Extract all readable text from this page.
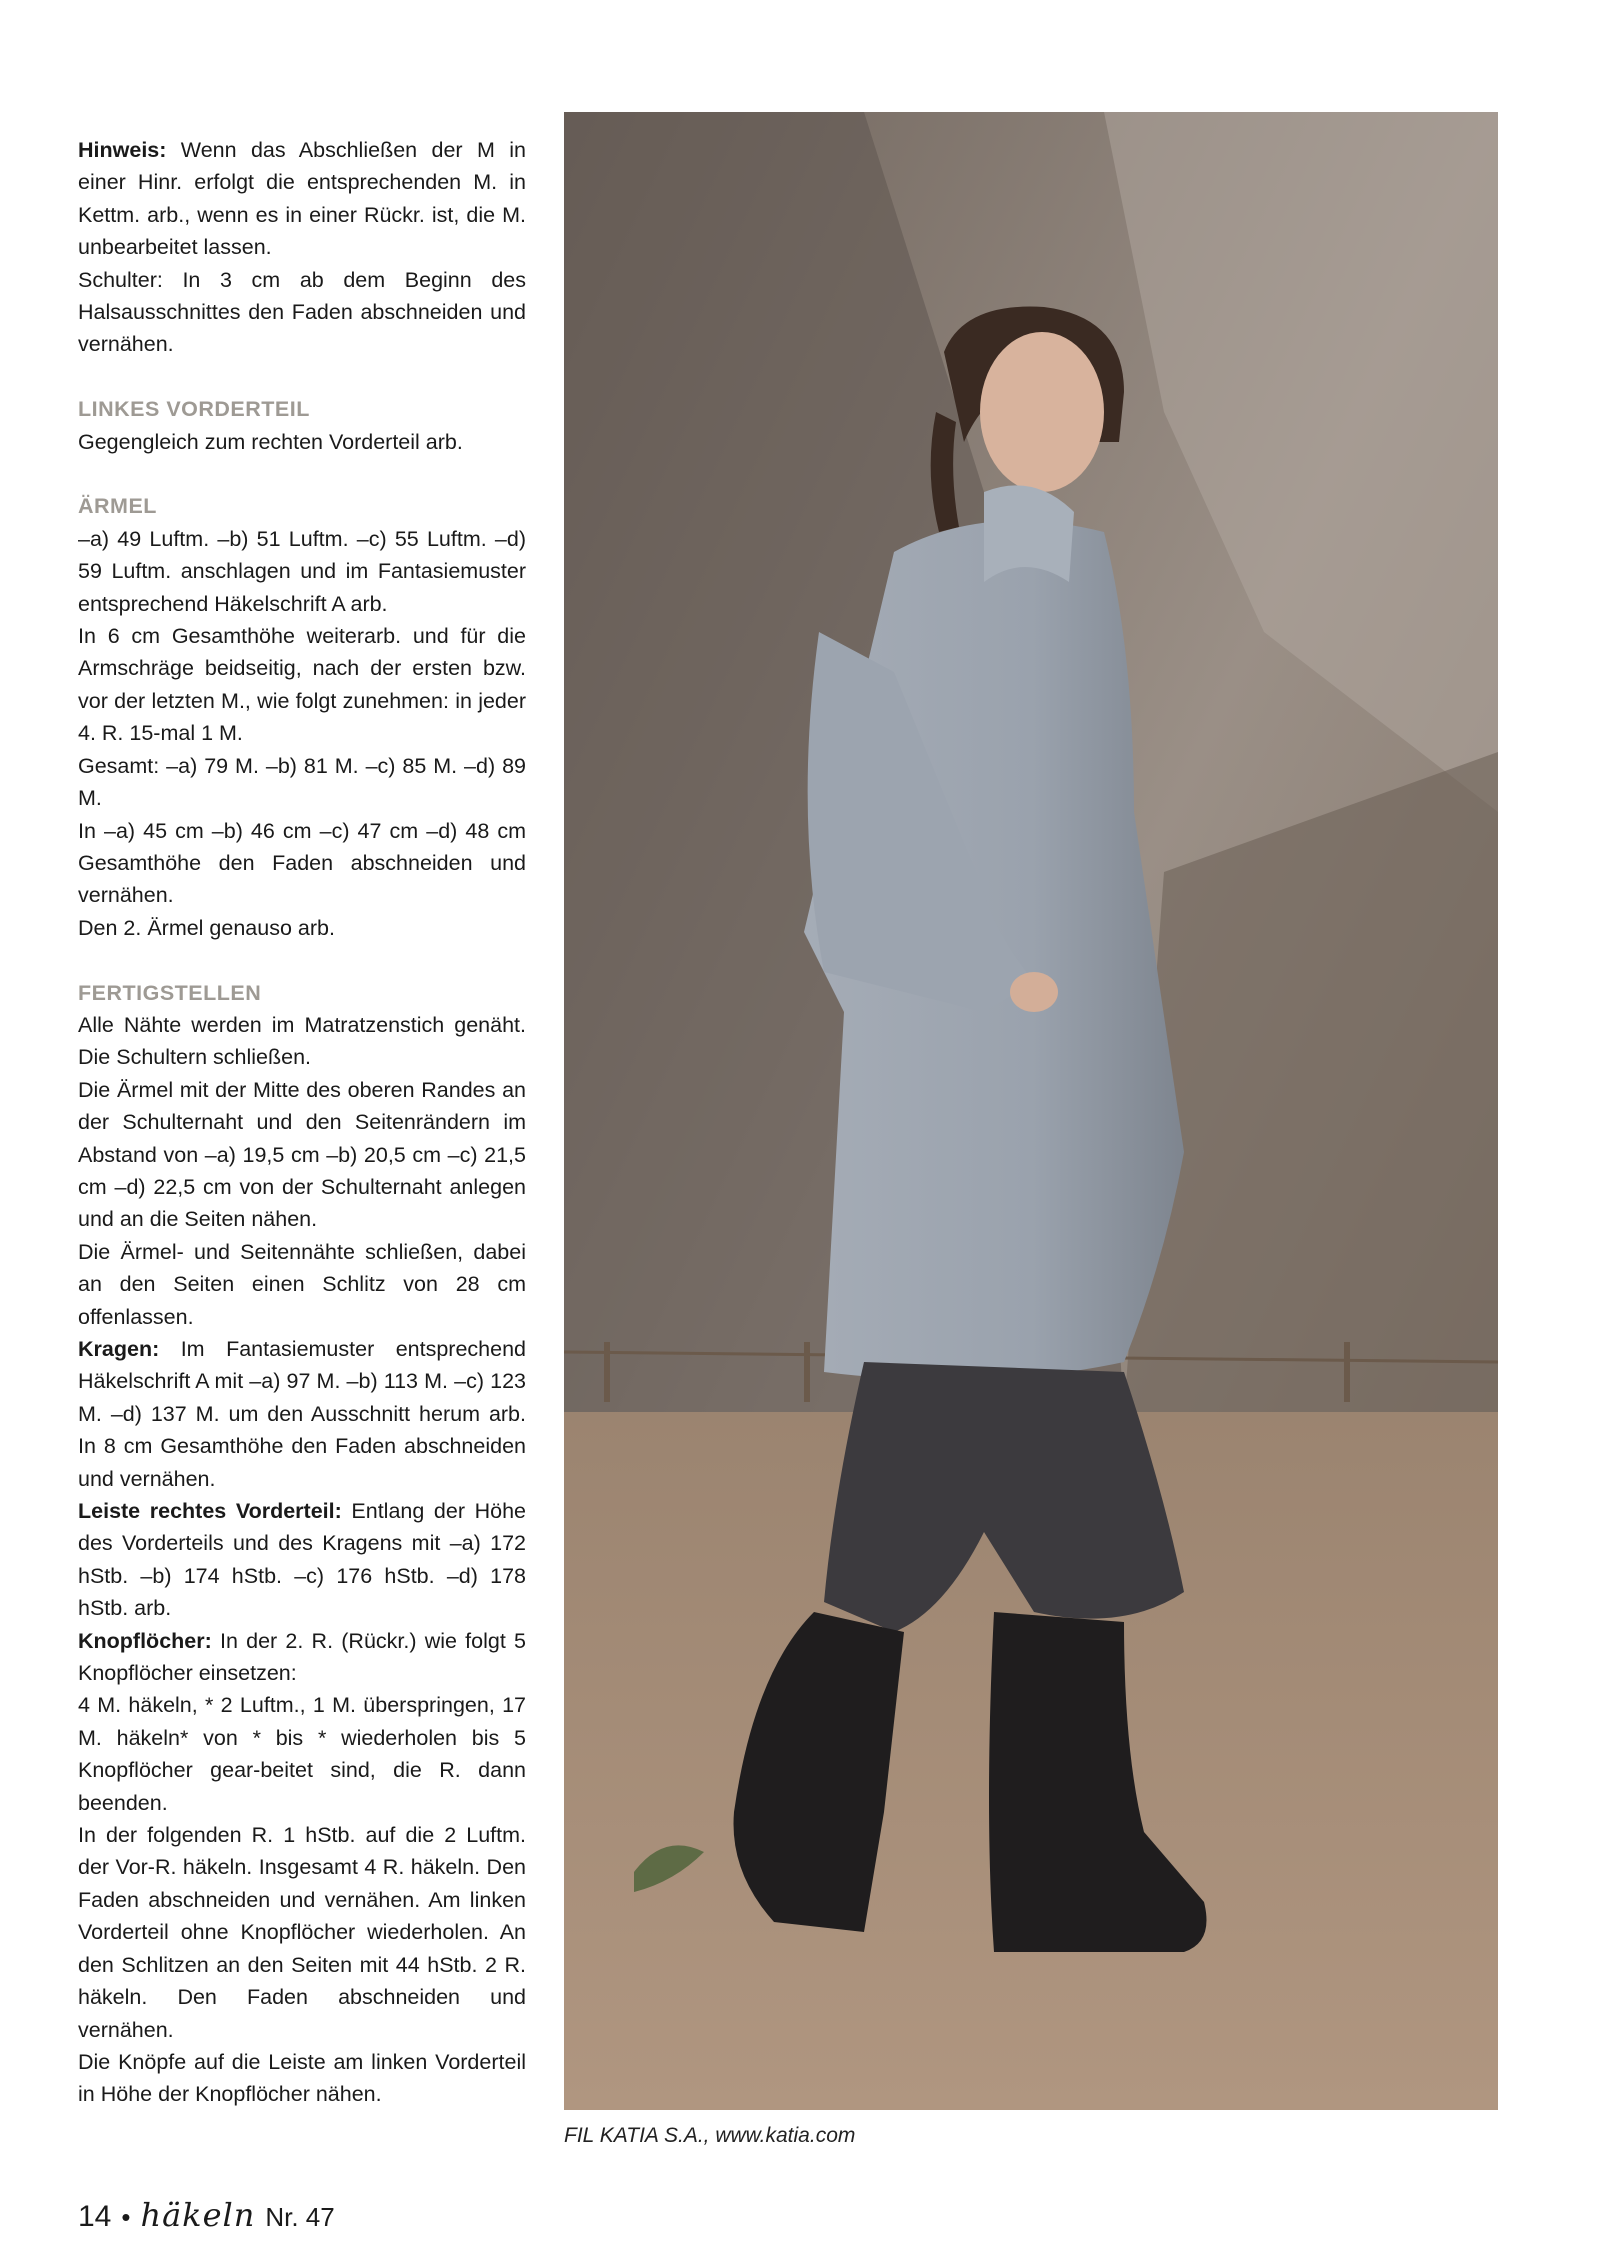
Hinweis: Wenn das Abschließen der M in einer Hinr. erfolgt die entsprechenden M. in Kettm. arb., wenn es in einer Rückr. ist, die M. unbearbeitet lassen.

Schulter: In 3 cm ab dem Beginn des Halsausschnittes den Faden abschneiden und vernähen.

LINKES VORDERTEIL

Gegengleich zum rechten Vorderteil arb.

ÄRMEL

–a) 49 Luftm. –b) 51 Luftm. –c) 55 Luftm. –d) 59 Luftm. anschlagen und im Fantasiemuster entsprechend Häkelschrift A arb.

In 6 cm Gesamthöhe weiterarb. und für die Armschräge beidseitig, nach der ersten bzw. vor der letzten M., wie folgt zunehmen: in jeder 4. R. 15-mal 1 M.

Gesamt: –a) 79 M. –b) 81 M. –c) 85 M. –d) 89 M.

In –a) 45 cm –b) 46 cm –c) 47 cm –d) 48 cm Gesamthöhe den Faden abschneiden und vernähen.

Den 2. Ärmel genauso arb.

FERTIGSTELLEN

Alle Nähte werden im Matratzenstich genäht. Die Schultern schließen.

Die Ärmel mit der Mitte des oberen Randes an der Schulternaht und den Seitenrändern im Abstand von –a) 19,5 cm –b) 20,5 cm –c) 21,5 cm –d) 22,5 cm von der Schulternaht anlegen und an die Seiten nähen.

Die Ärmel- und Seitennähte schließen, dabei an den Seiten einen Schlitz von 28 cm offenlassen.

Kragen: Im Fantasiemuster entsprechend Häkelschrift A mit –a) 97 M. –b) 113 M. –c) 123 M. –d) 137 M. um den Ausschnitt herum arb. In 8 cm Gesamthöhe den Faden abschneiden und vernähen.

Leiste rechtes Vorderteil: Entlang der Höhe des Vorderteils und des Kragens mit –a) 172 hStb. –b) 174 hStb. –c) 176 hStb. –d) 178 hStb. arb.

Knopflöcher: In der 2. R. (Rückr.) wie folgt 5 Knopflöcher einsetzen:

4 M. häkeln, * 2 Luftm., 1 M. überspringen, 17 M. häkeln* von * bis * wiederholen bis 5 Knopflöcher gear-beitet sind, die R. dann beenden.

In der folgenden R. 1 hStb. auf die 2 Luftm. der Vor-R. häkeln. Insgesamt 4 R. häkeln. Den Faden abschneiden und vernähen. Am linken Vorderteil ohne Knopflöcher wiederholen. An den Schlitzen an den Seiten mit 44 hStb. 2 R. häkeln. Den Faden abschneiden und vernähen.

Die Knöpfe auf die Leiste am linken Vorderteil in Höhe der Knopflöcher nähen.

FIL KATIA S.A., www.katia.com
14 • häkeln Nr. 47
